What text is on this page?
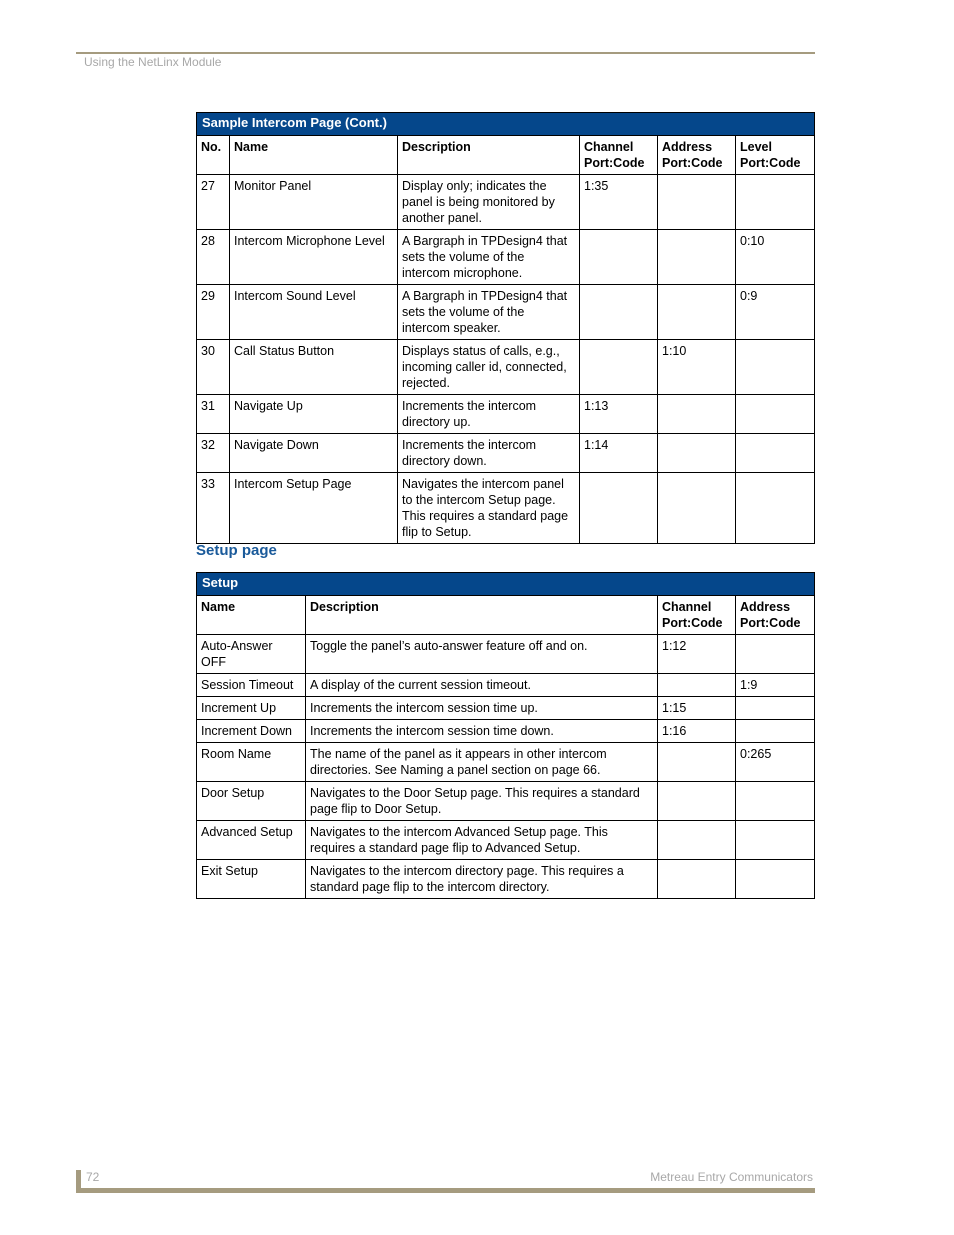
Using the NetLinx Module
Sample Intercom Page (Cont.)					
No.	Name	Description	Channel Port:Code	Address Port:Code	Level Port:Code
27	Monitor Panel	Display only; indicates the panel is being monitored by another panel.	1:35		
28	Intercom Microphone Level	A Bargraph in TPDesign4 that sets the volume of the intercom microphone.			0:10
29	Intercom Sound Level	A Bargraph in TPDesign4 that sets the volume of the intercom speaker.			0:9
30	Call Status Button	Displays status of calls, e.g., incoming caller id, connected, rejected.		1:10	
31	Navigate Up	Increments the intercom directory up.	1:13		
32	Navigate Down	Increments the intercom directory down.	1:14		
33	Intercom Setup Page	Navigates the intercom panel to the intercom Setup page. This requires a standard page flip to Setup.			
Setup page
Setup			
Name	Description	Channel Port:Code	Address Port:Code
Auto-Answer OFF	Toggle the panel’s auto-answer feature off and on.	1:12	
Session Timeout	A display of the current session timeout.		1:9
Increment Up	Increments the intercom session time up.	1:15	
Increment Down	Increments the intercom session time down.	1:16	
Room Name	The name of the panel as it appears in other intercom directories. See Naming a panel section on page 66.		0:265
Door Setup	Navigates to the Door Setup page. This requires a standard page flip to Door Setup.		
Advanced Setup	Navigates to the intercom Advanced Setup page. This requires a standard page flip to Advanced Setup.		
Exit Setup	Navigates to the intercom directory page. This requires a standard page flip to the intercom directory.		
72	Metreau Entry Communicators
